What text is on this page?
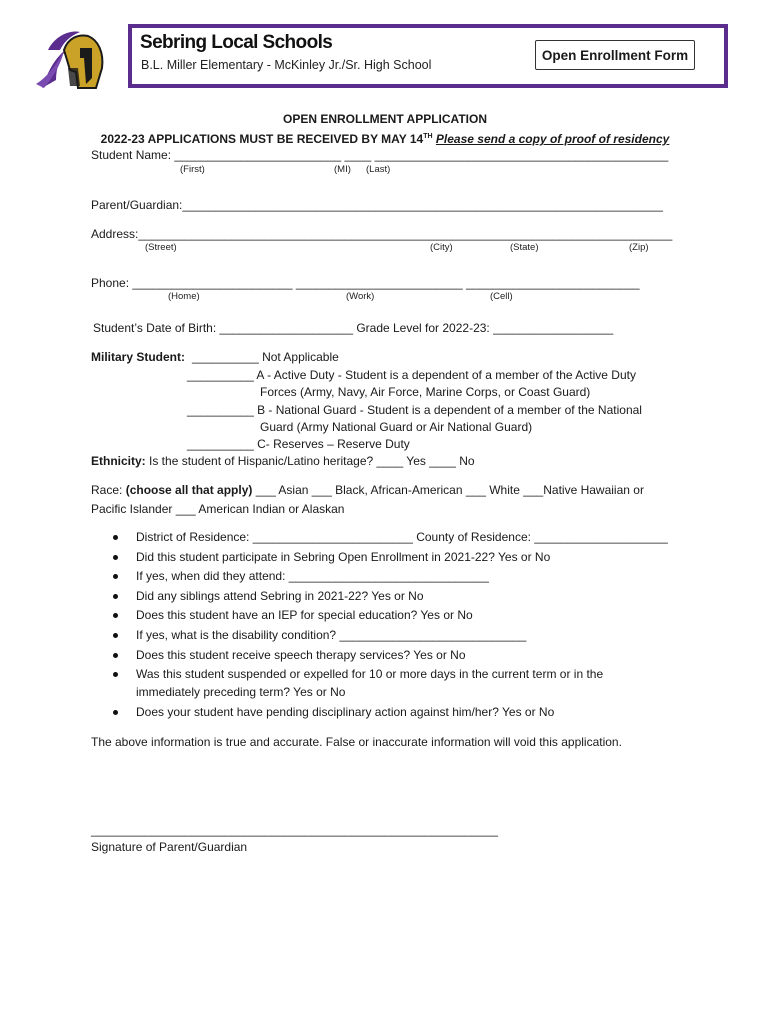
Sebring Local Schools
B.L. Miller Elementary - McKinley Jr./Sr. High School
Open Enrollment Form
OPEN ENROLLMENT APPLICATION
2022-23 APPLICATIONS MUST BE RECEIVED BY MAY 14TH Please send a copy of proof of residency
Student Name: _________________________ ____ ____________________________________________
(First)	(MI) (Last)
Parent/Guardian:________________________________________________________________________
Address:________________________________________________________________________________
(Street)	(City)	(State)	(Zip)
Phone: ________________________ _________________________ __________________________
(Home)	(Work)	(Cell)
Student’s Date of Birth: ____________________ Grade Level for 2022-23: __________________
Military Student: __________ Not Applicable
__________ A - Active Duty - Student is a dependent of a member of the Active Duty
Forces (Army, Navy, Air Force, Marine Corps, or Coast Guard)
__________ B - National Guard - Student is a dependent of a member of the National
Guard (Army National Guard or Air National Guard)
__________ C- Reserves – Reserve Duty
Ethnicity: Is the student of Hispanic/Latino heritage? ____ Yes ____ No
Race: (choose all that apply) ___ Asian ___ Black, African-American ___ White ___Native Hawaiian or
Pacific Islander ___ American Indian or Alaskan
District of Residence: ________________________ County of Residence: ____________________
Did this student participate in Sebring Open Enrollment in 2021-22? Yes or No
If yes, when did they attend: ______________________________
Did any siblings attend Sebring in 2021-22? Yes or No
Does this student have an IEP for special education? Yes or No
If yes, what is the disability condition? ____________________________
Does this student receive speech therapy services? Yes or No
Was this student suspended or expelled for 10 or more days in the current term or in the
immediately preceding term? Yes or No
Does your student have pending disciplinary action against him/her? Yes or No
The above information is true and accurate. False or inaccurate information will void this application.
_____________________________________________________________
Signature of Parent/Guardian
